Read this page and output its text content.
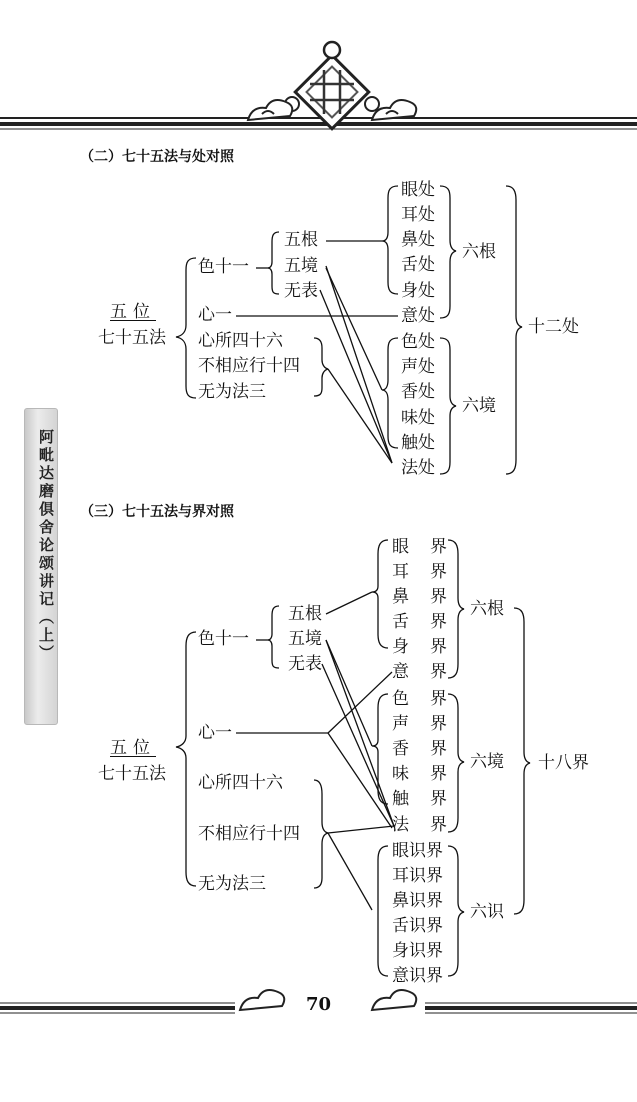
阿毗达磨俱舍论颂讲记（上）
（二）七十五法与处对照
五位
七十五法
色十一
心一
心所四十六
不相应行十四
无为法三
五根
五境
无表
眼处
耳处
鼻处
舌处
身处
意处
色处
声处
香处
味处
触处
法处
六根
六境
十二处
（三）七十五法与界对照
五位
七十五法
色十一
心一
心所四十六
不相应行十四
无为法三
五根
五境
无表
眼
耳
鼻
舌
身
意
色
声
香
味
触
法
界
界
界
界
界
界
界
界
界
界
界
界
眼识界
耳识界
鼻识界
舌识界
身识界
意识界
六根
六境
六识
十八界
70
